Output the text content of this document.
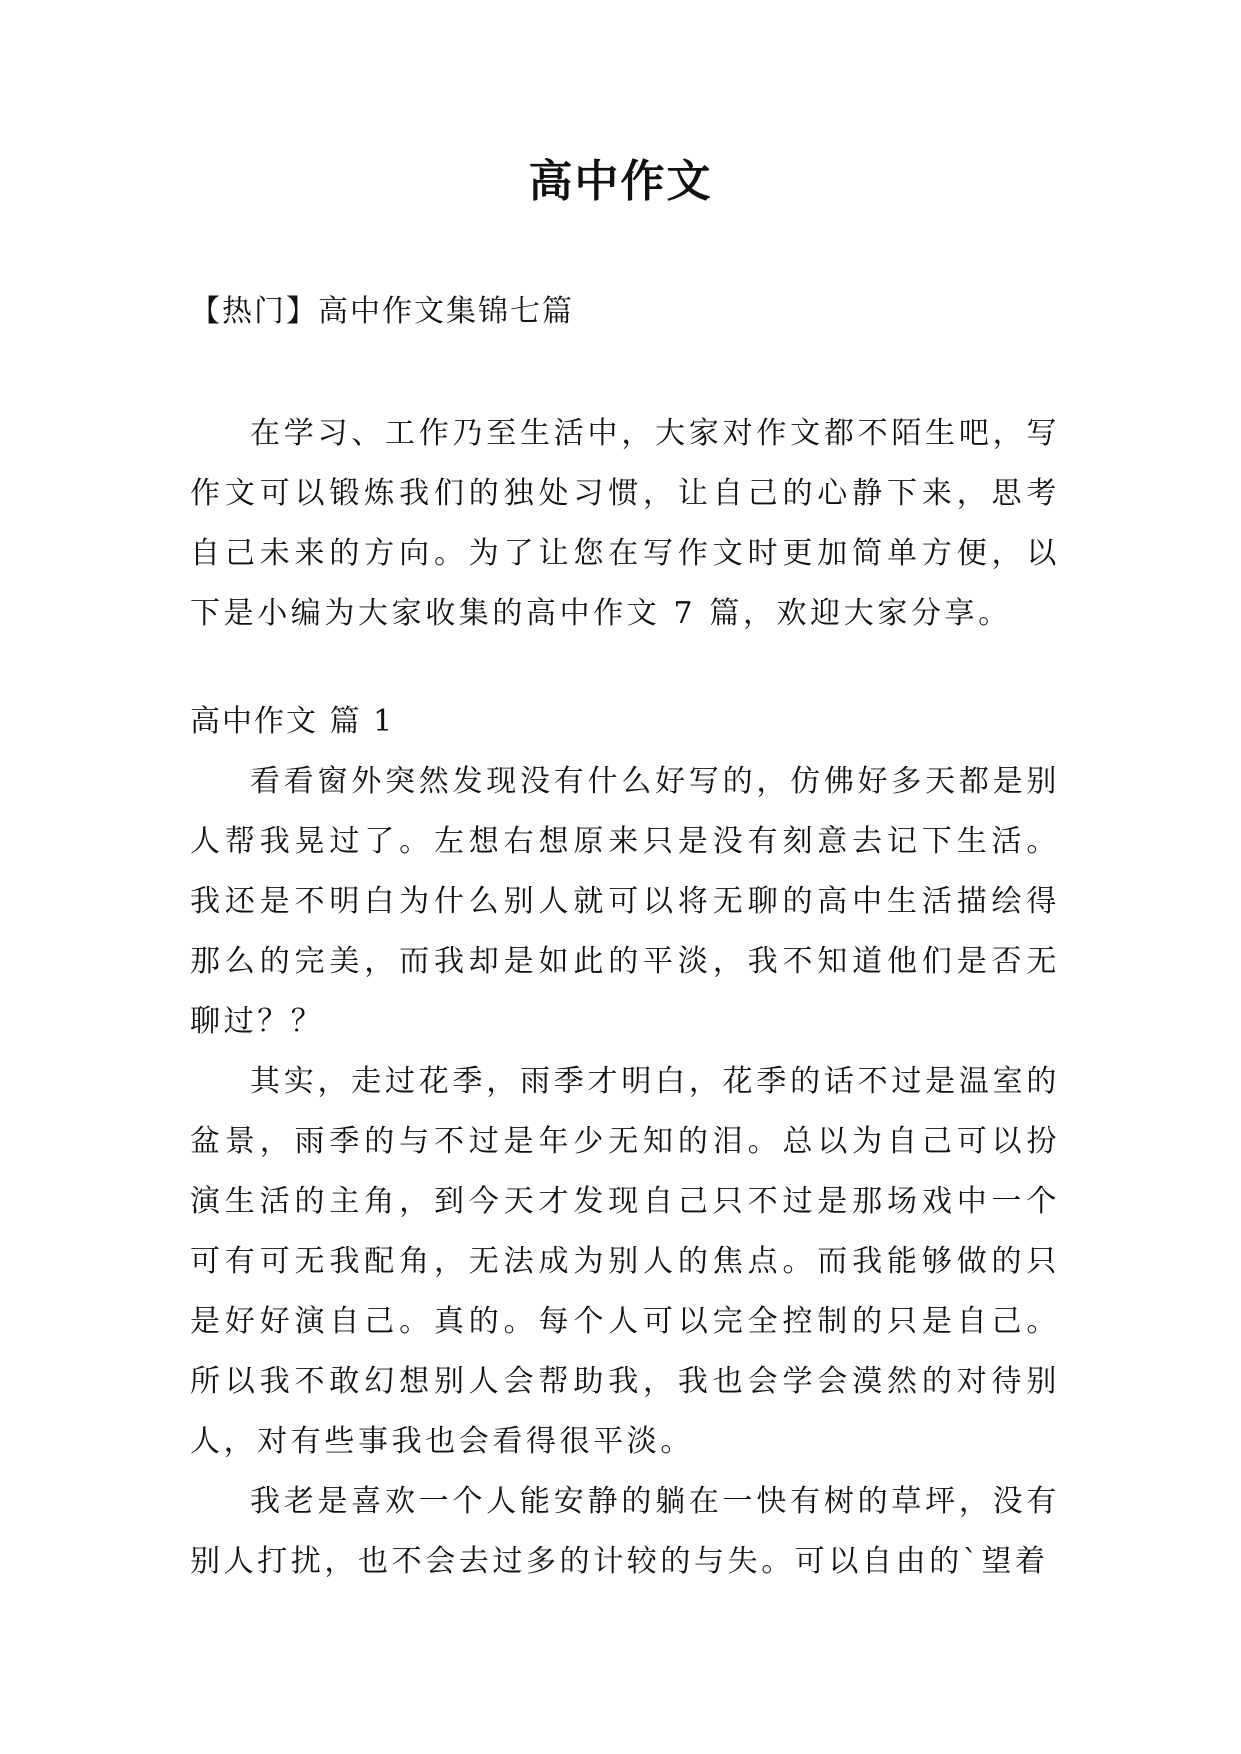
高中作文
【热门】高中作文集锦七篇

在学习、工作乃至生活中，大家对作文都不陌生吧，写作文可以锻炼我们的独处习惯，让自己的心静下来，思考自己未来的方向。为了让您在写作文时更加简单方便，以下是小编为大家收集的高中作文 7 篇，欢迎大家分享。

高中作文 篇 1

看看窗外突然发现没有什么好写的，仿佛好多天都是别人帮我晃过了。左想右想原来只是没有刻意去记下生活。我还是不明白为什么别人就可以将无聊的高中生活描绘得那么的完美，而我却是如此的平淡，我不知道他们是否无聊过？？

其实，走过花季，雨季才明白，花季的话不过是温室的盆景，雨季的与不过是年少无知的泪。总以为自己可以扮演生活的主角，到今天才发现自己只不过是那场戏中一个可有可无我配角，无法成为别人的焦点。而我能够做的只是好好演自己。真的。每个人可以完全控制的只是自己。所以我不敢幻想别人会帮助我，我也会学会漠然的对待别人，对有些事我也会看得很平淡。

我老是喜欢一个人能安静的躺在一快有树的草坪，没有别人打扰，也不会去过多的计较的与失。可以自由的`望着
